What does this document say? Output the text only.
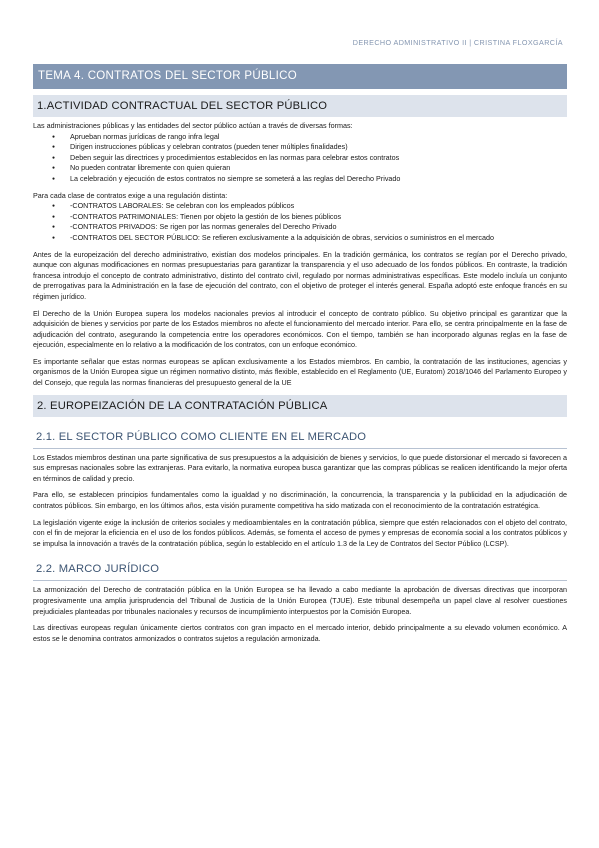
DERECHO ADMINISTRATIVO II | CRISTINA FLOXGARCÍA
TEMA 4. CONTRATOS DEL SECTOR PÚBLICO
1.ACTIVIDAD CONTRACTUAL DEL SECTOR PÚBLICO

Las administraciones públicas y las entidades del sector público actúan a través de diversas formas:

● Aprueban normas jurídicas de rango infra legal
● Dirigen instrucciones públicas y celebran contratos (pueden tener múltiples finalidades)
● Deben seguir las directrices y procedimientos establecidos en las normas para celebrar estos contratos
● No pueden contratar libremente con quien quieran
● La celebración y ejecución de estos contratos no siempre se someterá a las reglas del Derecho Privado

Para cada clase de contratos exige a una regulación distinta:

● -CONTRATOS LABORALES: Se celebran con los empleados públicos
● -CONTRATOS PATRIMONIALES: Tienen por objeto la gestión de los bienes públicos
● -CONTRATOS PRIVADOS: Se rigen por las normas generales del Derecho Privado
● -CONTRATOS DEL SECTOR PÚBLICO: Se refieren exclusivamente a la adquisición de obras, servicios o suministros en el mercado

Antes de la europeización del derecho administrativo, existían dos modelos principales. En la tradición germánica, los contratos se regían por el Derecho privado, aunque con algunas modificaciones en normas presupuestarias para garantizar la transparencia y el uso adecuado de los fondos públicos. En contraste, la tradición francesa introdujo el concepto de contrato administrativo, distinto del contrato civil, regulado por normas administrativas específicas. Este modelo incluía un conjunto de prerrogativas para la Administración en la fase de ejecución del contrato, con el objetivo de proteger el interés general. España adoptó este enfoque francés en su régimen jurídico.

El Derecho de la Unión Europea supera los modelos nacionales previos al introducir el concepto de contrato público. Su objetivo principal es garantizar que la adquisición de bienes y servicios por parte de los Estados miembros no afecte el funcionamiento del mercado interior. Para ello, se centra principalmente en la fase de adjudicación del contrato, asegurando la competencia entre los operadores económicos. Con el tiempo, también se han incorporado algunas reglas en la fase de ejecución, especialmente en lo relativo a la modificación de los contratos, con un enfoque económico.

Es importante señalar que estas normas europeas se aplican exclusivamente a los Estados miembros. En cambio, la contratación de las instituciones, agencias y organismos de la Unión Europea sigue un régimen normativo distinto, más flexible, establecido en el Reglamento (UE, Euratom) 2018/1046 del Parlamento Europeo y del Consejo, que regula las normas financieras del presupuesto general de la UE

2. EUROPEIZACIÓN DE LA CONTRATACIÓN PÚBLICA
2.1. EL SECTOR PÚBLICO COMO CLIENTE EN EL MERCADO

Los Estados miembros destinan una parte significativa de sus presupuestos a la adquisición de bienes y servicios, lo que puede distorsionar el mercado si favorecen a sus empresas nacionales sobre las extranjeras. Para evitarlo, la normativa europea busca garantizar que las compras públicas se realicen identificando la mejor oferta en términos de calidad y precio.

Para ello, se establecen principios fundamentales como la igualdad y no discriminación, la concurrencia, la transparencia y la publicidad en la adjudicación de contratos públicos. Sin embargo, en los últimos años, esta visión puramente competitiva ha sido matizada con el reconocimiento de la contratación estratégica.

La legislación vigente exige la inclusión de criterios sociales y medioambientales en la contratación pública, siempre que estén relacionados con el objeto del contrato, con el fin de mejorar la eficiencia en el uso de los fondos públicos. Además, se fomenta el acceso de pymes y empresas de economía social a los contratos públicos y se impulsa la innovación a través de la contratación pública, según lo establecido en el artículo 1.3 de la Ley de Contratos del Sector Público (LCSP).

2.2. MARCO JURÍDICO

La armonización del Derecho de contratación pública en la Unión Europea se ha llevado a cabo mediante la aprobación de diversas directivas que incorporan progresivamente una amplia jurisprudencia del Tribunal de Justicia de la Unión Europea (TJUE). Este tribunal desempeña un papel clave al resolver cuestiones prejudiciales planteadas por tribunales nacionales y recursos de incumplimiento interpuestos por la Comisión Europea.

Las directivas europeas regulan únicamente ciertos contratos con gran impacto en el mercado interior, debido principalmente a su elevado volumen económico. A estos se le denomina contratos armonizados o contratos sujetos a regulación armonizada.
